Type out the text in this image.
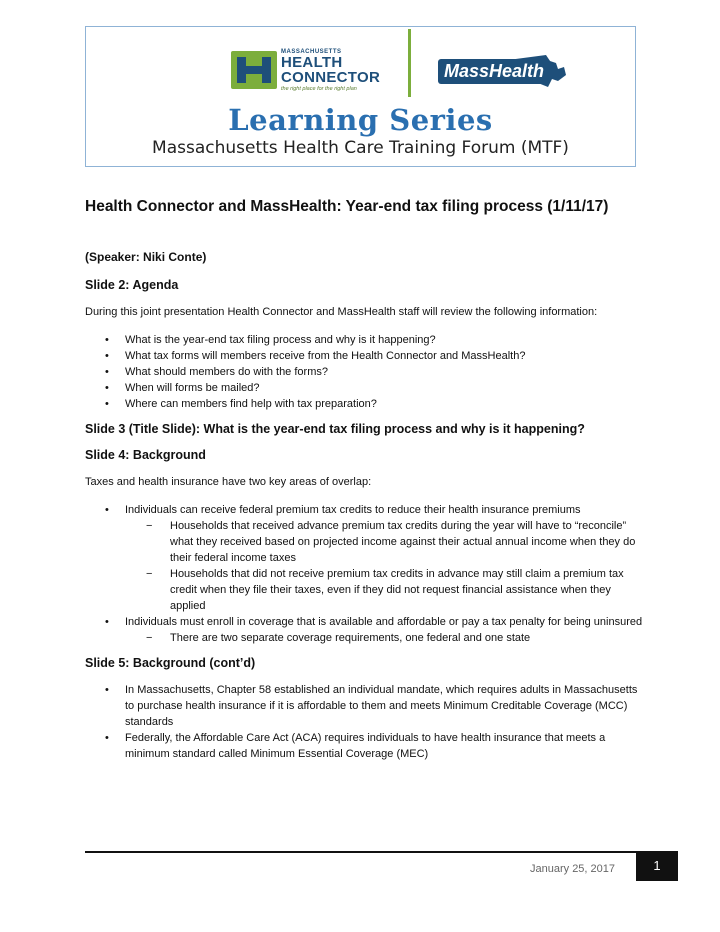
MASSACHUSETTS
HEALTH
CONNECTOR
the right place for the right plan
MassHealth
Learning Series
Massachusetts Health Care Training Forum (MTF)
Health Connector and MassHealth: Year-end tax filing process (1/11/17)
(Speaker: Niki Conte)
Slide 2: Agenda

During this joint presentation Health Connector and MassHealth staff will review the following information:

• What is the year-end tax filing process and why is it happening?
• What tax forms will members receive from the Health Connector and MassHealth?
• What should members do with the forms?
• When will forms be mailed?
• Where can members find help with tax preparation?
Slide 3 (Title Slide): What is the year-end tax filing process and why is it happening?
Slide 4: Background

Taxes and health insurance have two key areas of overlap:

• Individuals can receive federal premium tax credits to reduce their health insurance premiums
− Households that received advance premium tax credits during the year will have to “reconcile” what they received based on projected income against their actual annual income when they do their federal income taxes
− Households that did not receive premium tax credits in advance may still claim a premium tax credit when they file their taxes, even if they did not request financial assistance when they applied
• Individuals must enroll in coverage that is available and affordable or pay a tax penalty for being uninsured
− There are two separate coverage requirements, one federal and one state
Slide 5: Background (cont’d)
• In Massachusetts, Chapter 58 established an individual mandate, which requires adults in Massachusetts to purchase health insurance if it is affordable to them and meets Minimum Creditable Coverage (MCC) standards
• Federally, the Affordable Care Act (ACA) requires individuals to have health insurance that meets a minimum standard called Minimum Essential Coverage (MEC)
January 25, 2017	1
